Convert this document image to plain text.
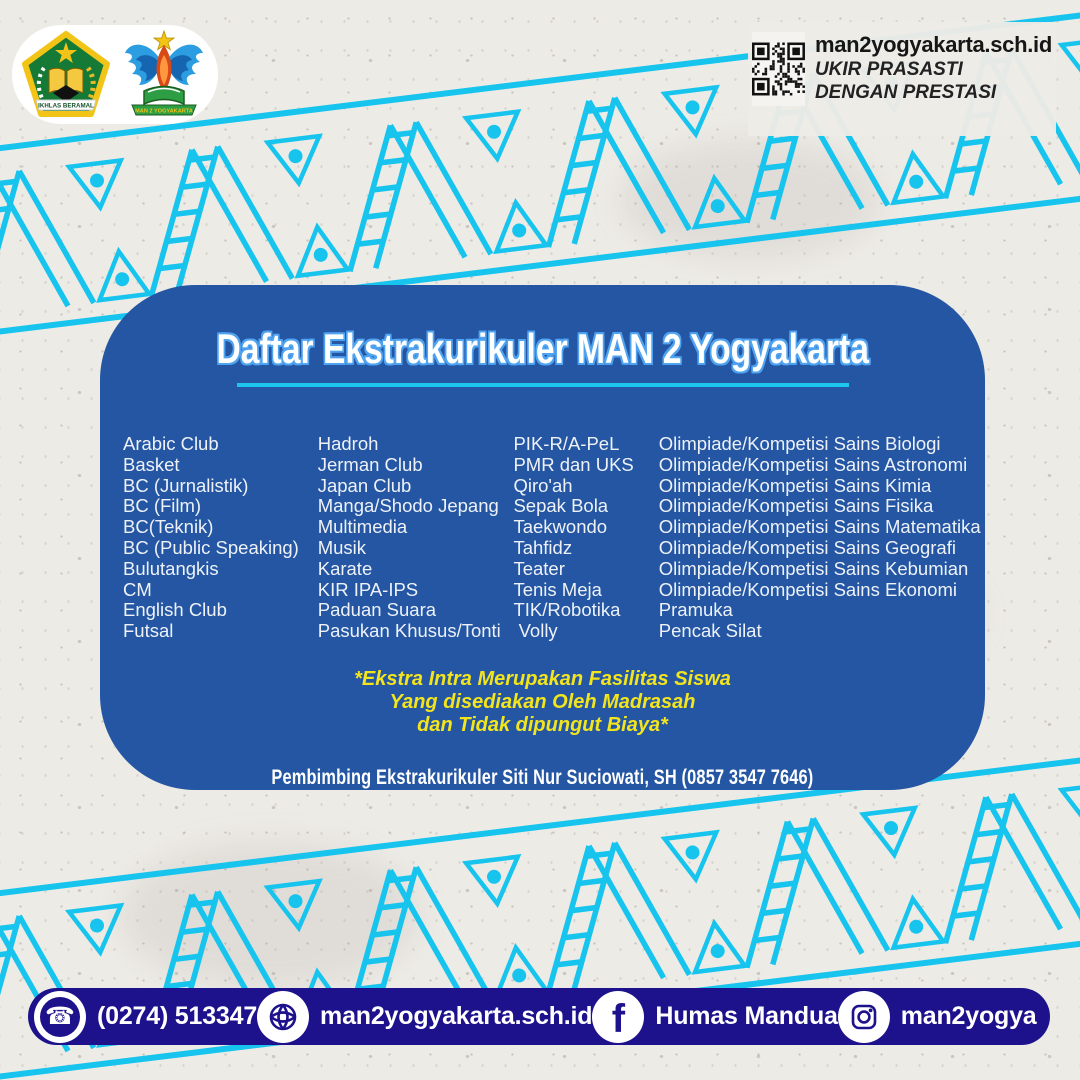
IKHLAS BERAMAL
MAN 2 YOGYAKARTA
man2yogyakarta.sch.id
UKIR PRASASTI
DENGAN PRESTASI
Daftar Ekstrakurikuler MAN 2 Yogyakarta
Arabic Club
Basket
BC (Jurnalistik)
BC (Film)
BC(Teknik)
BC (Public Speaking)
Bulutangkis
CM
English Club
Futsal
Hadroh
Jerman Club
Japan Club
Manga/Shodo Jepang
Multimedia
Musik
Karate
KIR IPA-IPS
Paduan Suara
Pasukan Khusus/Tonti
PIK-R/A-PeL
PMR dan UKS
Qiro'ah
Sepak Bola
Taekwondo
Tahfidz
Teater
Tenis Meja
TIK/Robotika
Volly
Olimpiade/Kompetisi Sains Biologi
Olimpiade/Kompetisi Sains Astronomi
Olimpiade/Kompetisi Sains Kimia
Olimpiade/Kompetisi Sains Fisika
Olimpiade/Kompetisi Sains Matematika
Olimpiade/Kompetisi Sains Geografi
Olimpiade/Kompetisi Sains Kebumian
Olimpiade/Kompetisi Sains Ekonomi
Pramuka
Pencak Silat
*Ekstra Intra Merupakan Fasilitas Siswa
Yang disediakan Oleh Madrasah
dan Tidak dipungut Biaya*
Pembimbing Ekstrakurikuler Siti Nur Suciowati, SH (0857 3547 7646)
☎ (0274) 513347	man2yogyakarta.sch.id f Humas Mandua	man2yogya
